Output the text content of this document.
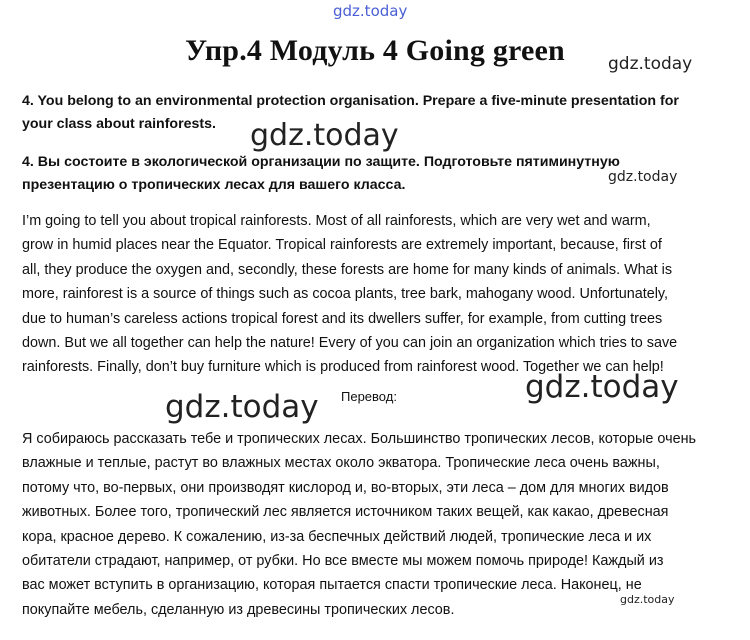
gdz.today
gdz.today
gdz.today
gdz.today
gdz.today
gdz.today
gdz.today
Упр.4 Модуль 4 Going green

4. You belong to an environmental protection organisation. Prepare a five-minute presentation for
your class about rainforests.

4. Вы состоите в экологической организации по защите. Подготовьте пятиминутную
презентацию о тропических лесах для вашего класса.

I’m going to tell you about tropical rainforests. Most of all rainforests, which are very wet and warm,
grow in humid places near the Equator. Tropical rainforests are extremely important, because, first of
all, they produce the oxygen and, secondly, these forests are home for many kinds of animals. What is
more, rainforest is a source of things such as cocoa plants, tree bark, mahogany wood. Unfortunately,
due to human’s careless actions tropical forest and its dwellers suffer, for example, from cutting trees
down. But we all together can help the nature! Every of you can join an organization which tries to save
rainforests. Finally, don’t buy furniture which is produced from rainforest wood. Together we can help!

Перевод:

Я собираюсь рассказать тебе и тропических лесах. Большинство тропических лесов, которые очень
влажные и теплые, растут во влажных местах около экватора. Тропические леса очень важны,
потому что, во-первых, они производят кислород и, во-вторых, эти леса – дом для многих видов
животных. Более того, тропический лес является источником таких вещей, как какао, древесная
кора, красное дерево. К сожалению, из-за беспечных действий людей, тропические леса и их
обитатели страдают, например, от рубки. Но все вместе мы можем помочь природе! Каждый из
вас может вступить в организацию, которая пытается спасти тропические леса. Наконец, не
покупайте мебель, сделанную из древесины тропических лесов.
